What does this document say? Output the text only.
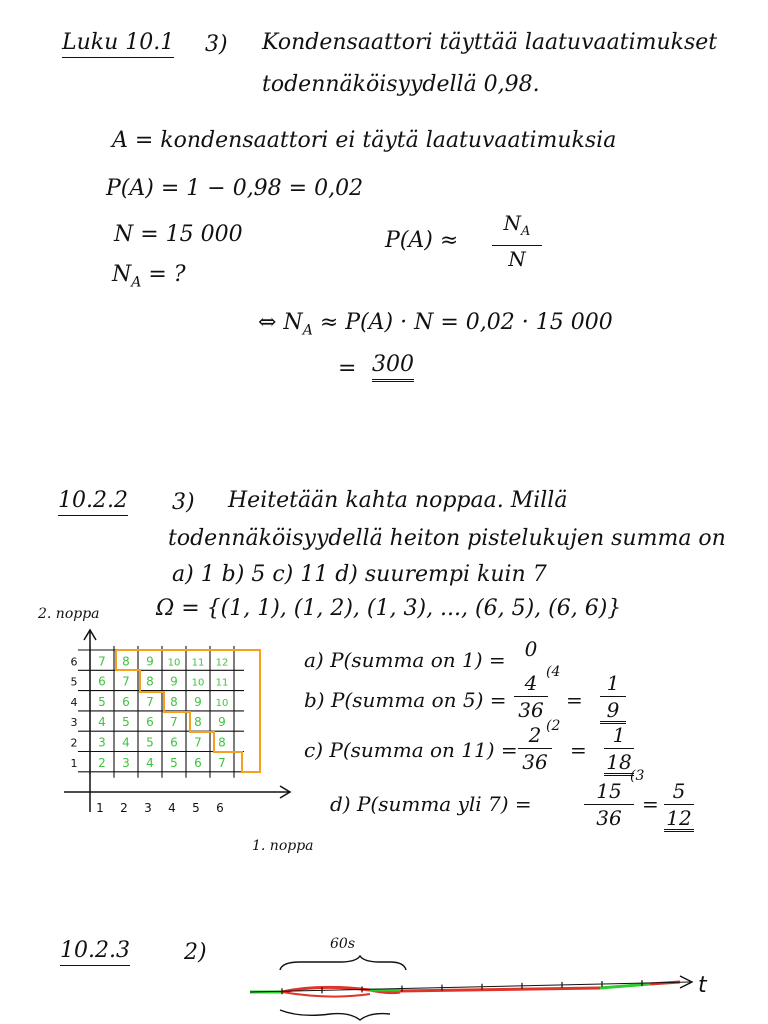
Luku 10.1 3) Kondensaattori täyttää laatuvaatimukset
todennäköisyydellä 0,98.
A = kondensaattori ei täytä laatuvaatimuksia
P(A) = 1 − 0,98 = 0,02
N = 15 000
$N_A$ = ?
P(A) ≈
$N_A$
N
⇔ $N_A \approx P(A) \cdot N = 0,02 \cdot 15$ 000
= 300
10.2.2 3) Heitetään kahta noppaa. Millä
todennäköisyydellä heiton pistelukujen summa on
a) 1 b) 5 c) 11 d) suurempi kuin 7
Ω = {(1, 1), (1, 2), (1, 3), ..., (6, 5), (6, 6)}
2. noppa
1. noppa
7 8 9 10 11 12
6 7 8 9 10 11
5 6 7 8 9 10
4 5 6 7 8 9
3 4 5 6 7 8
2 3 4 5 6 7
6
5
4
3
2
1
1 2 3 4 5 6
a) P(summa on 1) = 0
b) P(summa on 5) =
4
36
(4
=
1
9
c) P(summa on 11) =
2
36
(2
=
1
18
d) P(summa yli 7) =
15
36
(3
=
5
12
10.2.3 2)	60s
t
